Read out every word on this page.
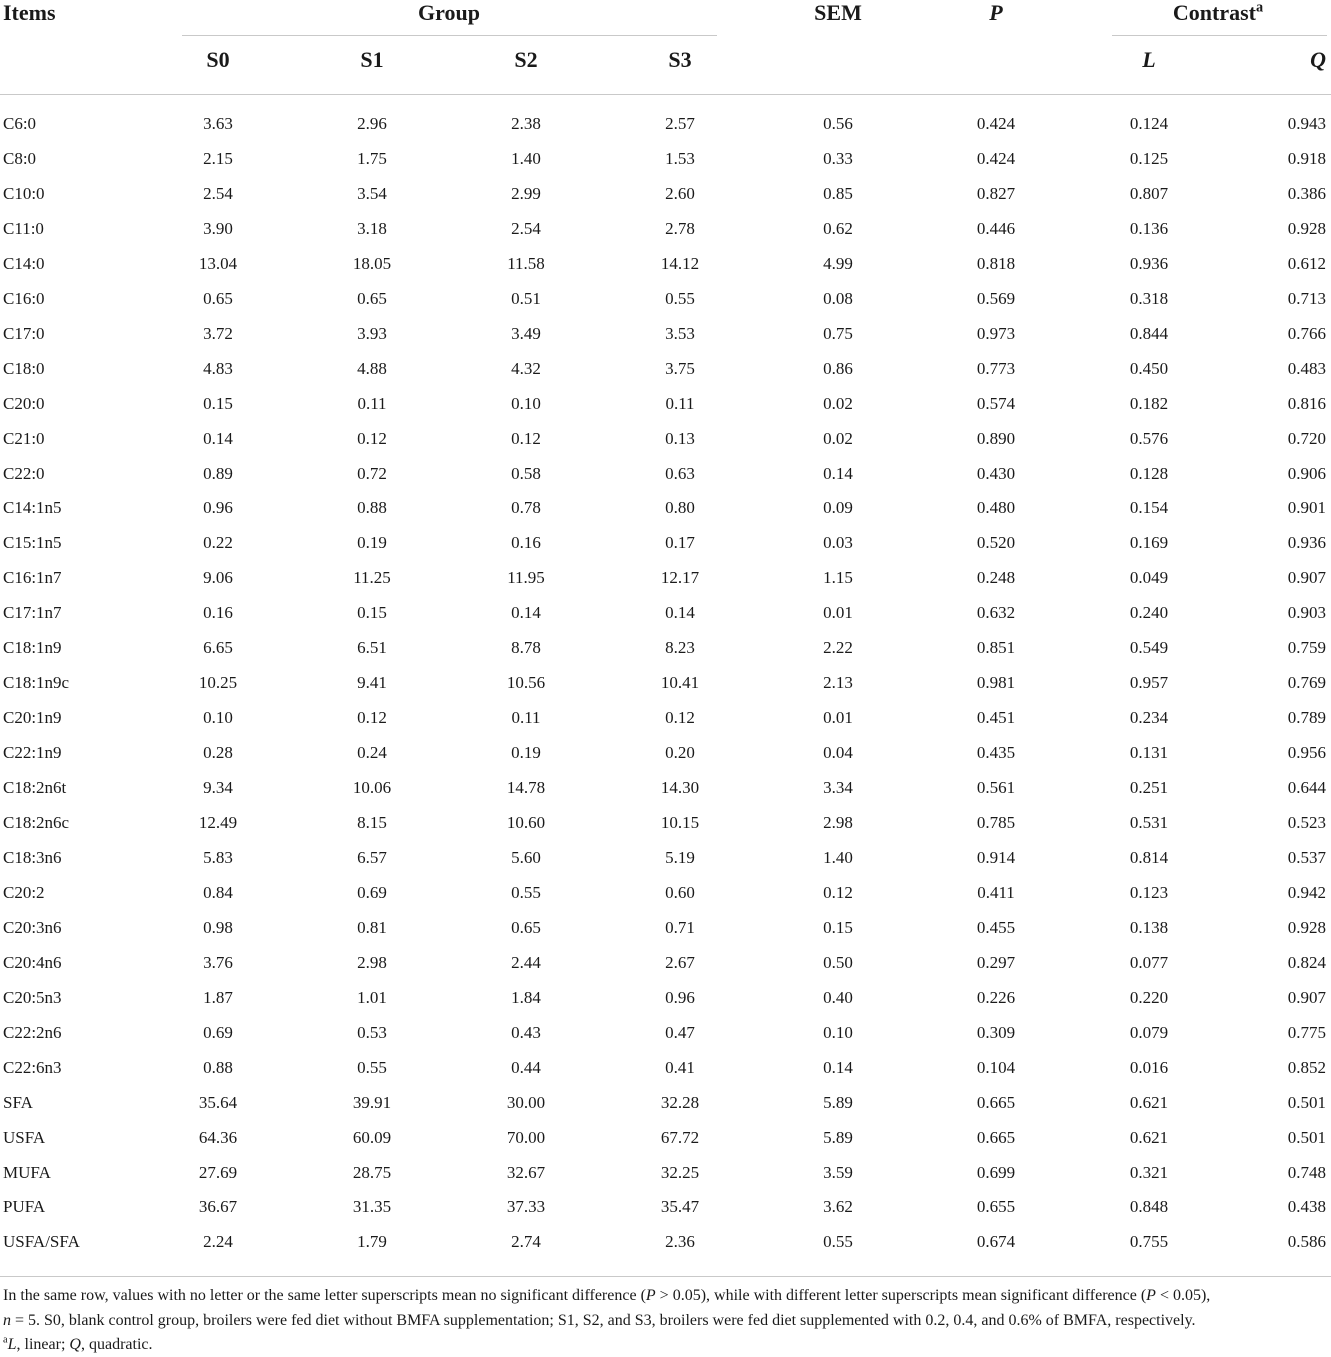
Items	Group	SEM	P	Contrast$^a$
S0	S1	S2	S3	L	Q
C6:0	3.63	2.96	2.38	2.57	0.56	0.424	0.124	0.943
C8:0	2.15	1.75	1.40	1.53	0.33	0.424	0.125	0.918
C10:0	2.54	3.54	2.99	2.60	0.85	0.827	0.807	0.386
C11:0	3.90	3.18	2.54	2.78	0.62	0.446	0.136	0.928
C14:0	13.04	18.05	11.58	14.12	4.99	0.818	0.936	0.612
C16:0	0.65	0.65	0.51	0.55	0.08	0.569	0.318	0.713
C17:0	3.72	3.93	3.49	3.53	0.75	0.973	0.844	0.766
C18:0	4.83	4.88	4.32	3.75	0.86	0.773	0.450	0.483
C20:0	0.15	0.11	0.10	0.11	0.02	0.574	0.182	0.816
C21:0	0.14	0.12	0.12	0.13	0.02	0.890	0.576	0.720
C22:0	0.89	0.72	0.58	0.63	0.14	0.430	0.128	0.906
C14:1n5	0.96	0.88	0.78	0.80	0.09	0.480	0.154	0.901
C15:1n5	0.22	0.19	0.16	0.17	0.03	0.520	0.169	0.936
C16:1n7	9.06	11.25	11.95	12.17	1.15	0.248	0.049	0.907
C17:1n7	0.16	0.15	0.14	0.14	0.01	0.632	0.240	0.903
C18:1n9	6.65	6.51	8.78	8.23	2.22	0.851	0.549	0.759
C18:1n9c	10.25	9.41	10.56	10.41	2.13	0.981	0.957	0.769
C20:1n9	0.10	0.12	0.11	0.12	0.01	0.451	0.234	0.789
C22:1n9	0.28	0.24	0.19	0.20	0.04	0.435	0.131	0.956
C18:2n6t	9.34	10.06	14.78	14.30	3.34	0.561	0.251	0.644
C18:2n6c	12.49	8.15	10.60	10.15	2.98	0.785	0.531	0.523
C18:3n6	5.83	6.57	5.60	5.19	1.40	0.914	0.814	0.537
C20:2	0.84	0.69	0.55	0.60	0.12	0.411	0.123	0.942
C20:3n6	0.98	0.81	0.65	0.71	0.15	0.455	0.138	0.928
C20:4n6	3.76	2.98	2.44	2.67	0.50	0.297	0.077	0.824
C20:5n3	1.87	1.01	1.84	0.96	0.40	0.226	0.220	0.907
C22:2n6	0.69	0.53	0.43	0.47	0.10	0.309	0.079	0.775
C22:6n3	0.88	0.55	0.44	0.41	0.14	0.104	0.016	0.852
SFA	35.64	39.91	30.00	32.28	5.89	0.665	0.621	0.501
USFA	64.36	60.09	70.00	67.72	5.89	0.665	0.621	0.501
MUFA	27.69	28.75	32.67	32.25	3.59	0.699	0.321	0.748
PUFA	36.67	31.35	37.33	35.47	3.62	0.655	0.848	0.438
USFA/SFA	2.24	1.79	2.74	2.36	0.55	0.674	0.755	0.586
In the same row, values with no letter or the same letter superscripts mean no significant difference (P > 0.05), while with different letter superscripts mean significant difference (P < 0.05),
n = 5. S0, blank control group, broilers were fed diet without BMFA supplementation; S1, S2, and S3, broilers were fed diet supplemented with 0.2, 0.4, and 0.6% of BMFA, respectively.
$^a$L, linear; Q, quadratic.
